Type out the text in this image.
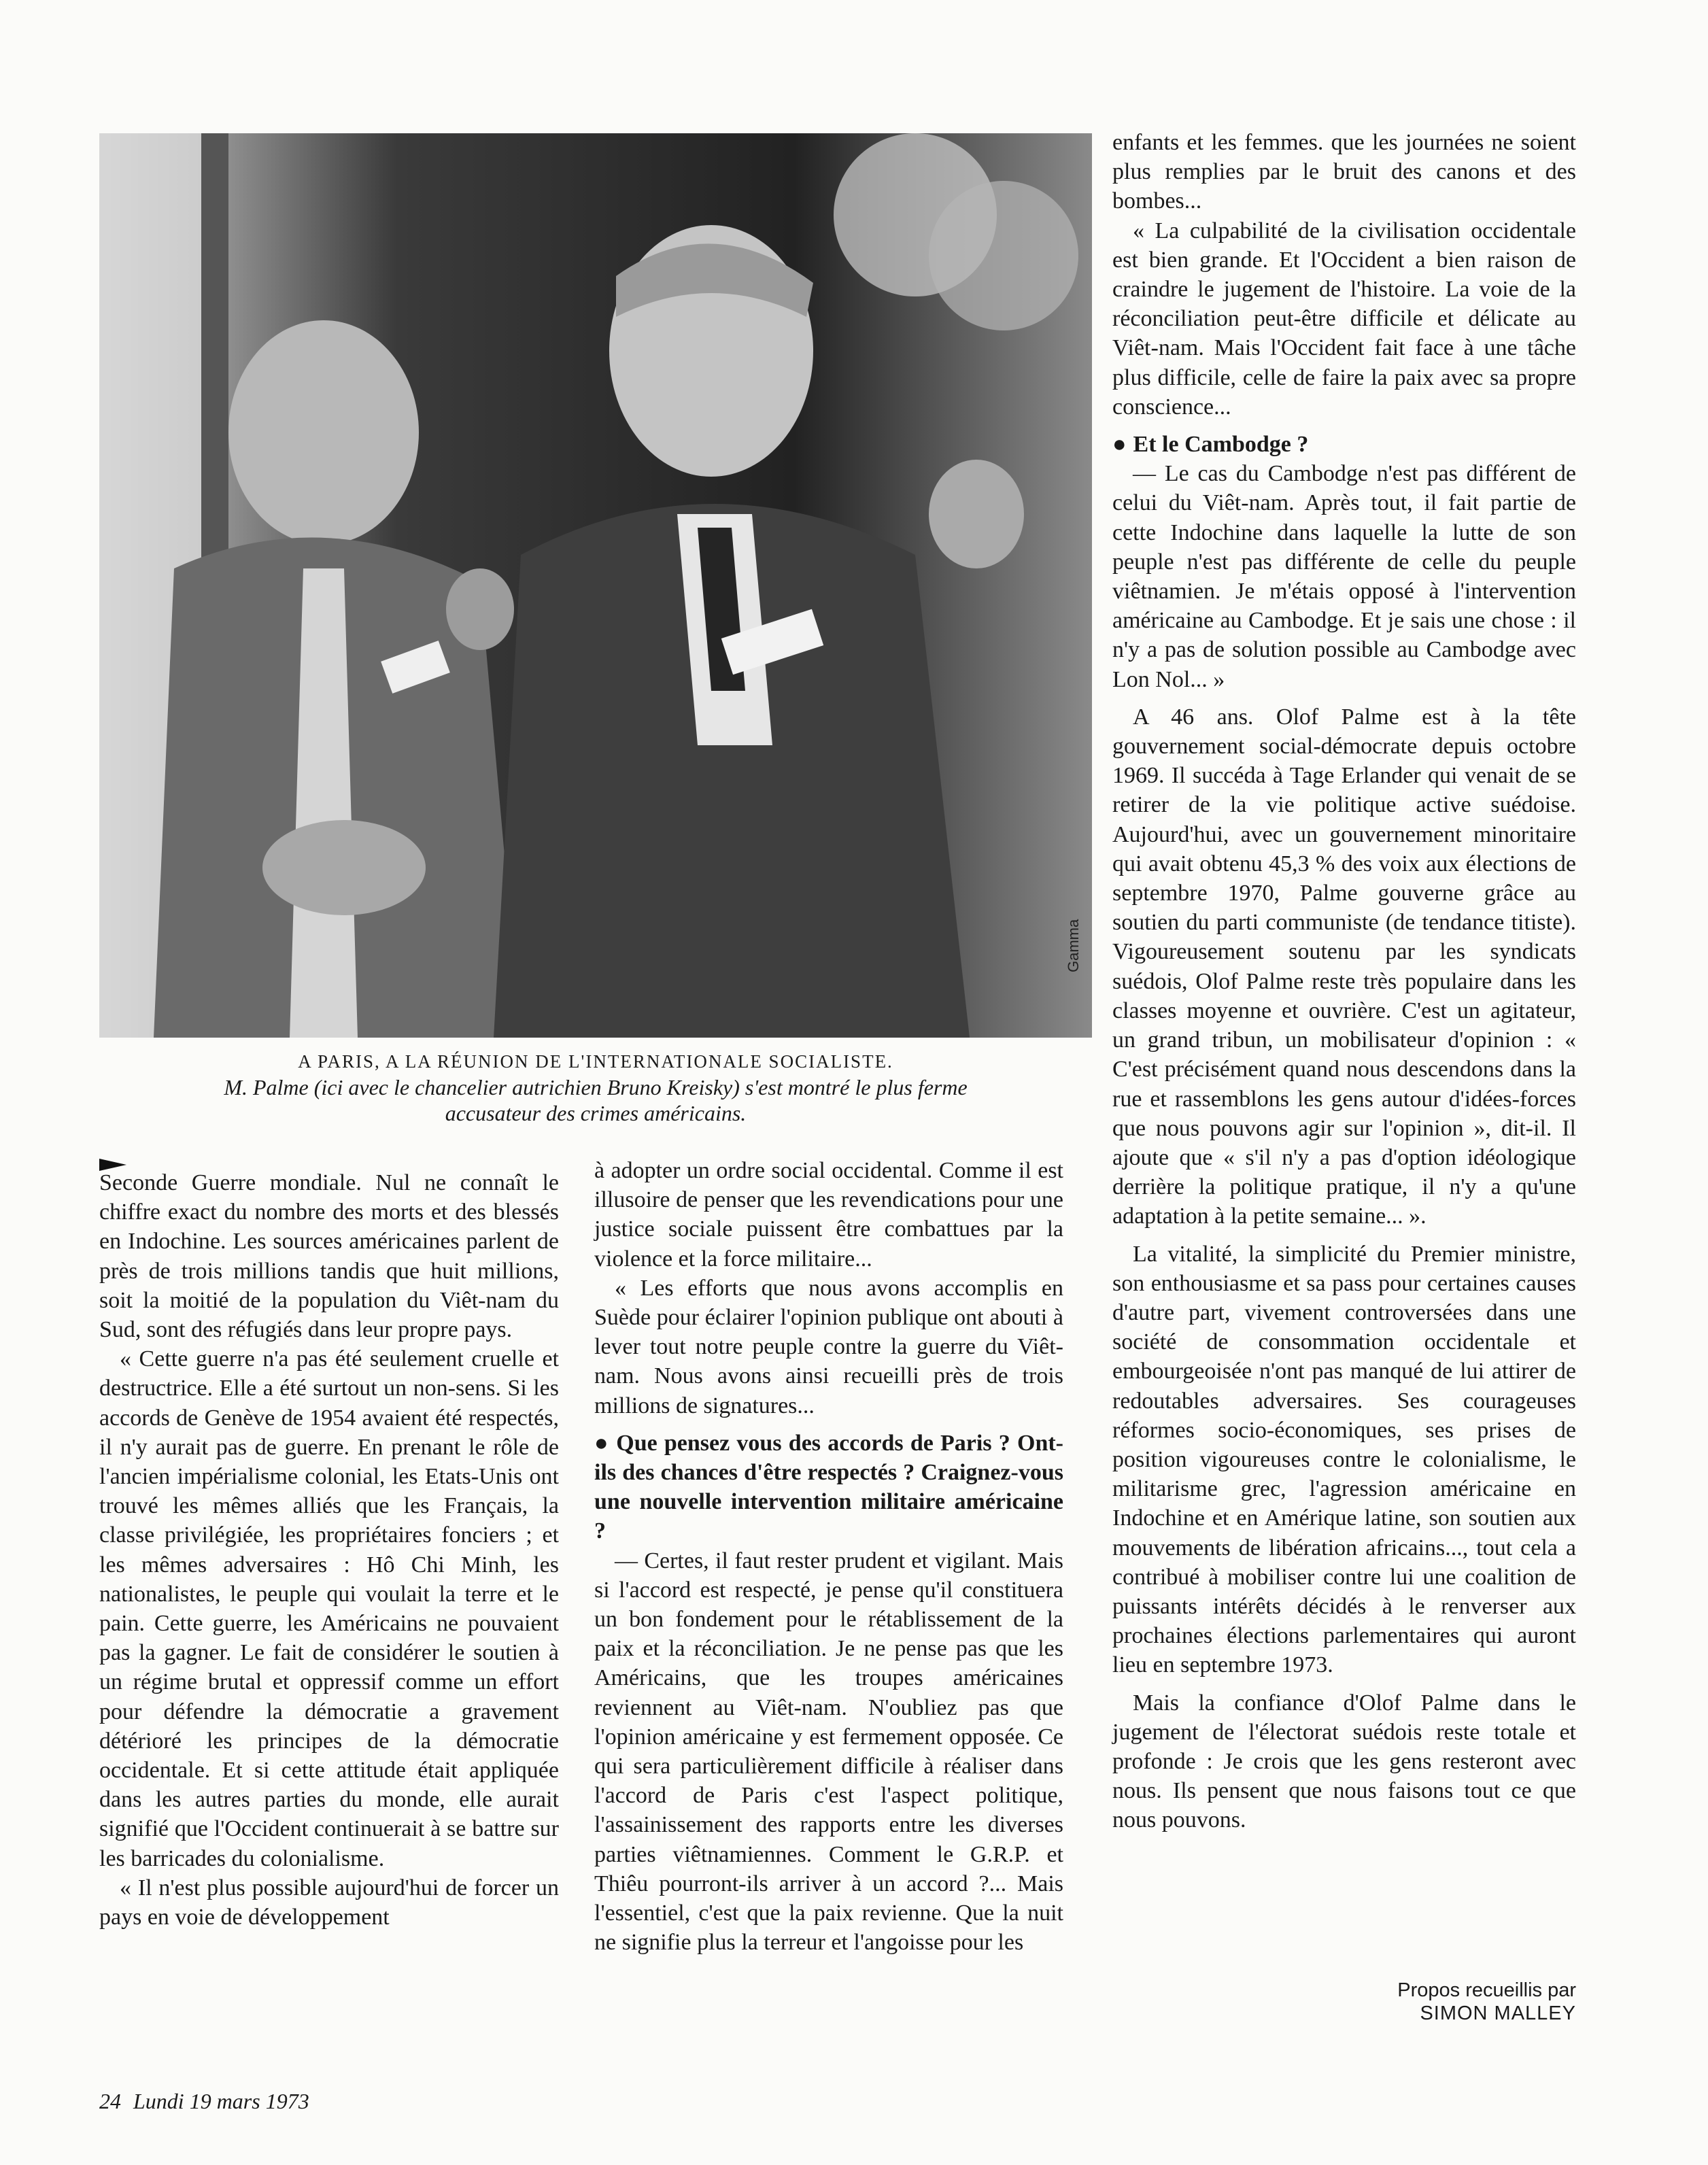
Gamma
A PARIS, A LA RÉUNION DE L'INTERNATIONALE SOCIALISTE.
M. Palme (ici avec le chancelier autrichien Bruno Kreisky) s'est montré le plus ferme
accusateur des crimes américains.

Seconde Guerre mondiale. Nul ne connaît le chiffre exact du nombre des morts et des blessés en Indochine. Les sources américaines parlent de près de trois millions tandis que huit millions, soit la moitié de la population du Viêt-nam du Sud, sont des réfugiés dans leur propre pays.

« Cette guerre n'a pas été seulement cruelle et destructrice. Elle a été surtout un non-sens. Si les accords de Genève de 1954 avaient été respectés, il n'y aurait pas de guerre. En prenant le rôle de l'ancien impérialisme colonial, les Etats-Unis ont trouvé les mêmes alliés que les Français, la classe privilégiée, les propriétaires fonciers ; et les mêmes adversaires : Hô Chi Minh, les nationalistes, le peuple qui voulait la terre et le pain. Cette guerre, les Américains ne pouvaient pas la gagner. Le fait de considérer le soutien à un régime brutal et oppressif comme un effort pour défendre la démocratie a gravement détérioré les principes de la démocratie occidentale. Et si cette attitude était appliquée dans les autres parties du monde, elle aurait signifié que l'Occident continuerait à se battre sur les barricades du colonialisme.

« Il n'est plus possible aujourd'hui de forcer un pays en voie de développement

à adopter un ordre social occidental. Comme il est illusoire de penser que les revendications pour une justice sociale puissent être combattues par la violence et la force militaire...

« Les efforts que nous avons accomplis en Suède pour éclairer l'opinion publique ont abouti à lever tout notre peuple contre la guerre du Viêt-nam. Nous avons ainsi recueilli près de trois millions de signatures...

● Que pensez vous des accords de Paris ? Ont-ils des chances d'être respectés ? Craignez-vous une nouvelle intervention militaire américaine ?

— Certes, il faut rester prudent et vigilant. Mais si l'accord est respecté, je pense qu'il constituera un bon fondement pour le rétablissement de la paix et la réconciliation. Je ne pense pas que les Américains, que les troupes américaines reviennent au Viêt-nam. N'oubliez pas que l'opinion américaine y est fermement opposée. Ce qui sera particulièrement difficile à réaliser dans l'accord de Paris c'est l'aspect politique, l'assainissement des rapports entre les diverses parties viêtnamiennes. Comment le G.R.P. et Thiêu pourront-ils arriver à un accord ?... Mais l'essentiel, c'est que la paix revienne. Que la nuit ne signifie plus la terreur et l'angoisse pour les

enfants et les femmes. que les journées ne soient plus remplies par le bruit des canons et des bombes...

« La culpabilité de la civilisation occidentale est bien grande. Et l'Occident a bien raison de craindre le jugement de l'histoire. La voie de la réconciliation peut-être difficile et délicate au Viêt-nam. Mais l'Occident fait face à une tâche plus difficile, celle de faire la paix avec sa propre conscience...

● Et le Cambodge ?

— Le cas du Cambodge n'est pas différent de celui du Viêt-nam. Après tout, il fait partie de cette Indochine dans laquelle la lutte de son peuple n'est pas différente de celle du peuple viêtnamien. Je m'étais opposé à l'intervention américaine au Cambodge. Et je sais une chose : il n'y a pas de solution possible au Cambodge avec Lon Nol... »

A 46 ans. Olof Palme est à la tête gouvernement social-démocrate depuis octobre 1969. Il succéda à Tage Erlander qui venait de se retirer de la vie politique active suédoise. Aujourd'hui, avec un gouvernement minoritaire qui avait obtenu 45,3 % des voix aux élections de septembre 1970, Palme gouverne grâce au soutien du parti communiste (de tendance titiste). Vigoureusement soutenu par les syndicats suédois, Olof Palme reste très populaire dans les classes moyenne et ouvrière. C'est un agitateur, un grand tribun, un mobilisateur d'opinion : « C'est précisément quand nous descendons dans la rue et rassemblons les gens autour d'idées-forces que nous pouvons agir sur l'opinion », dit-il. Il ajoute que « s'il n'y a pas d'option idéologique derrière la politique pratique, il n'y a qu'une adaptation à la petite semaine... ».

La vitalité, la simplicité du Premier ministre, son enthousiasme et sa pass pour certaines causes d'autre part, vivement controversées dans une société de consommation occidentale et embourgeoisée n'ont pas manqué de lui attirer de redoutables adversaires. Ses courageuses réformes socio-économiques, ses prises de position vigoureuses contre le colonialisme, le militarisme grec, l'agression américaine en Indochine et en Amérique latine, son soutien aux mouvements de libération africains..., tout cela a contribué à mobiliser contre lui une coalition de puissants intérêts décidés à le renverser aux prochaines élections parlementaires qui auront lieu en septembre 1973.

Mais la confiance d'Olof Palme dans le jugement de l'électorat suédois reste totale et profonde : Je crois que les gens resteront avec nous. Ils pensent que nous faisons tout ce que nous pouvons.

Propos recueillis par
SIMON MALLEY
24 Lundi 19 mars 1973
